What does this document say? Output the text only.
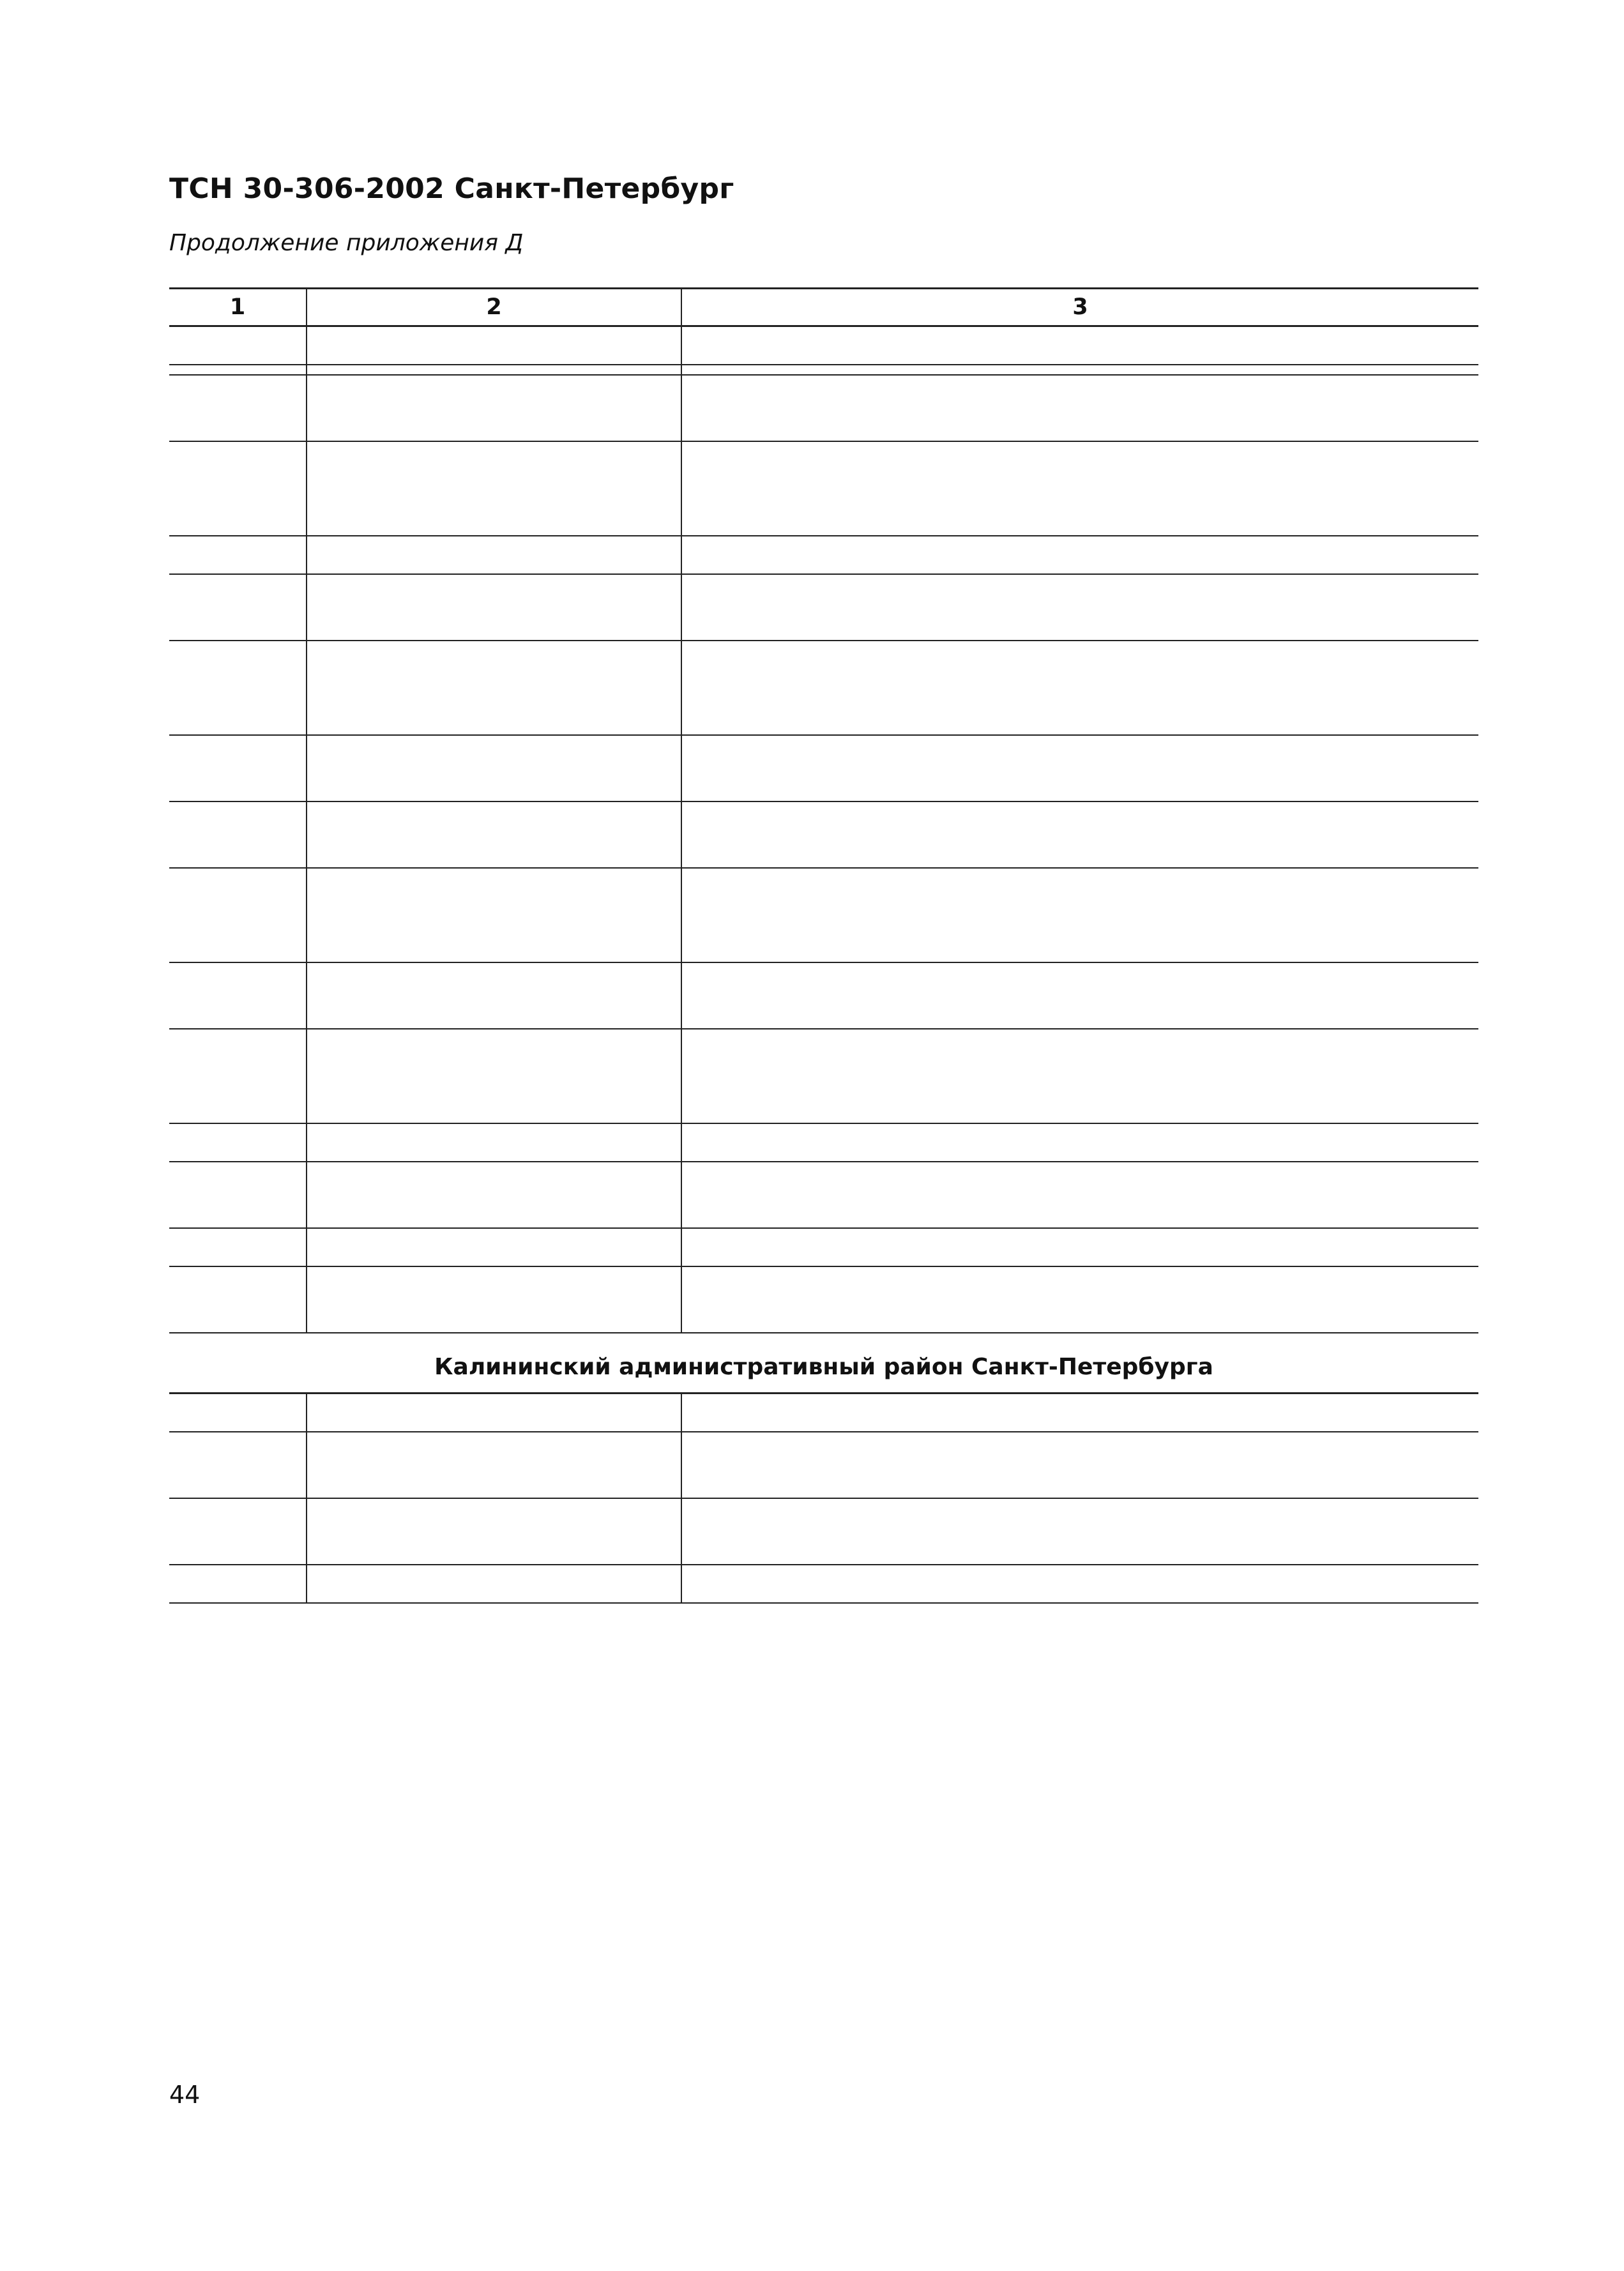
ТСН 30-306-2002 Санкт-Петербург
Продолжение приложения Д
1	2	3

Калининский административный район Санкт-Петербурга		

44
